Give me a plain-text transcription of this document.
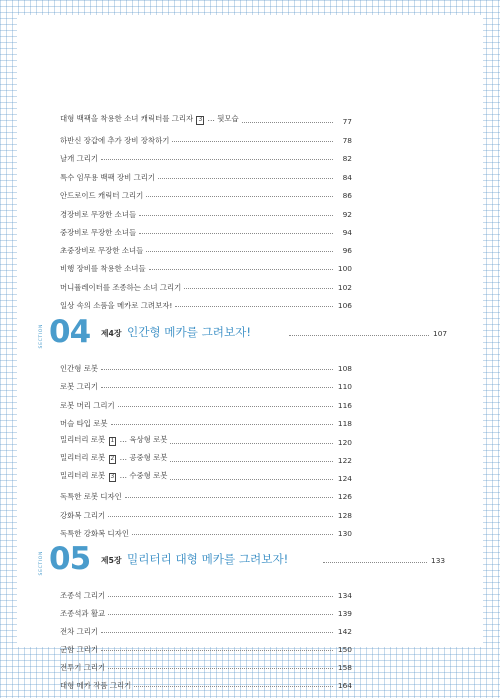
대형 백팩을 착용한 소녀 캐릭터를 그리자 3 … 뒷모습	77
하반신 장갑에 추가 장비 장착하기	78
날개 그리기	82
특수 임무용 백팩 장비 그리기	84
안드로이드 캐릭터 그리기	86
경장비로 무장한 소녀들	92
중장비로 무장한 소녀들	94
초중장비로 무장한 소녀들	96
비행 장비를 착용한 소녀들	100
머니퓰레이터를 조종하는 소녀 그리기	102
일상 속의 소품을 메카로 그려보자!	106
SECTION 04 제4장 인간형 메카를 그려보자!	107
인간형 로봇	108
로봇 그리기	110
로봇 머리 그리기	116
머슬 타입 로봇	118
밀리터리 로봇 1 … 육상형 로봇	120
밀리터리 로봇 2 … 공중형 로봇	122
밀리터리 로봇 3 … 수중형 로봇	124
독특한 로봇 디자인	126
강화복 그리기	128
독특한 강화복 디자인	130
SECTION 05 제5장 밀리터리 대형 메카를 그려보자!	133
조종석 그리기	134
조종석과 활교	139
전차 그리기	142
군함 그리기	150
전투기 그리기	158
대형 메카 작품 그리기	164
